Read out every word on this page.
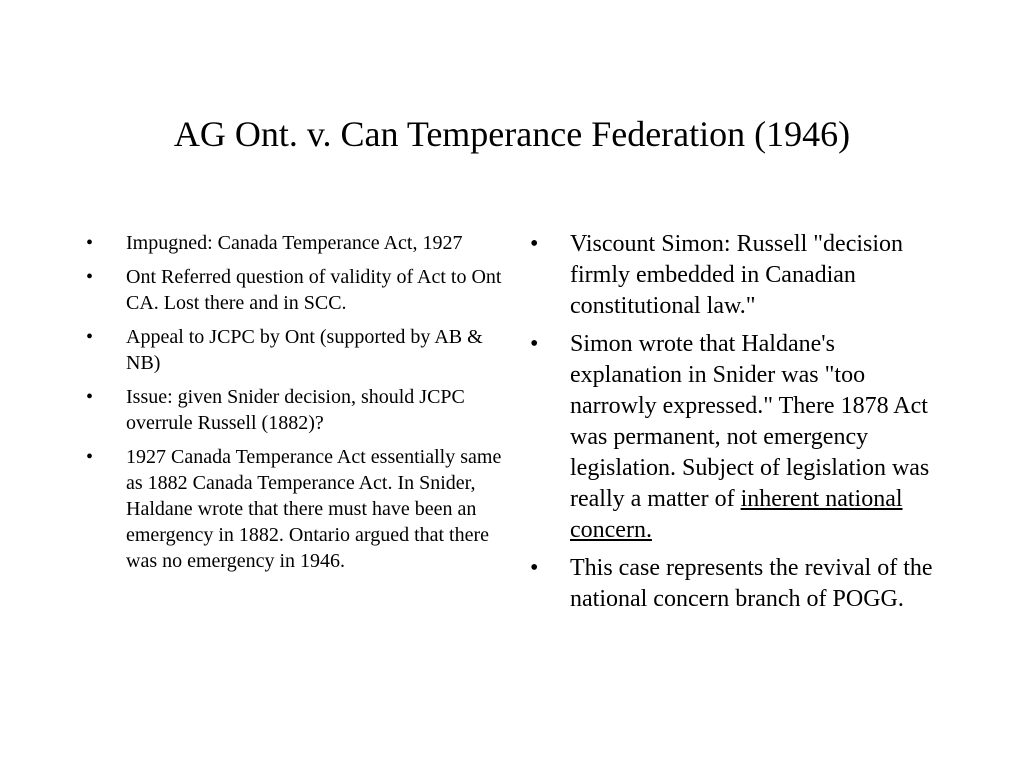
AG Ont. v. Can Temperance Federation (1946)
• Impugned: Canada Temperance Act, 1927
• Ont Referred question of validity of Act to Ont CA. Lost there and in SCC.
• Appeal to JCPC by Ont (supported by AB & NB)
• Issue: given Snider decision, should JCPC overrule Russell (1882)?
• 1927 Canada Temperance Act essentially same as 1882 Canada Temperance Act. In Snider, Haldane wrote that there must have been an emergency in 1882. Ontario argued that there was no emergency in 1946.
• Viscount Simon: Russell "decision firmly embedded in Canadian constitutional law."
• Simon wrote that Haldane's explanation in Snider was "too narrowly expressed." There 1878 Act was permanent, not emergency legislation. Subject of legislation was really a matter of inherent national concern.
• This case represents the revival of the national concern branch of POGG.
